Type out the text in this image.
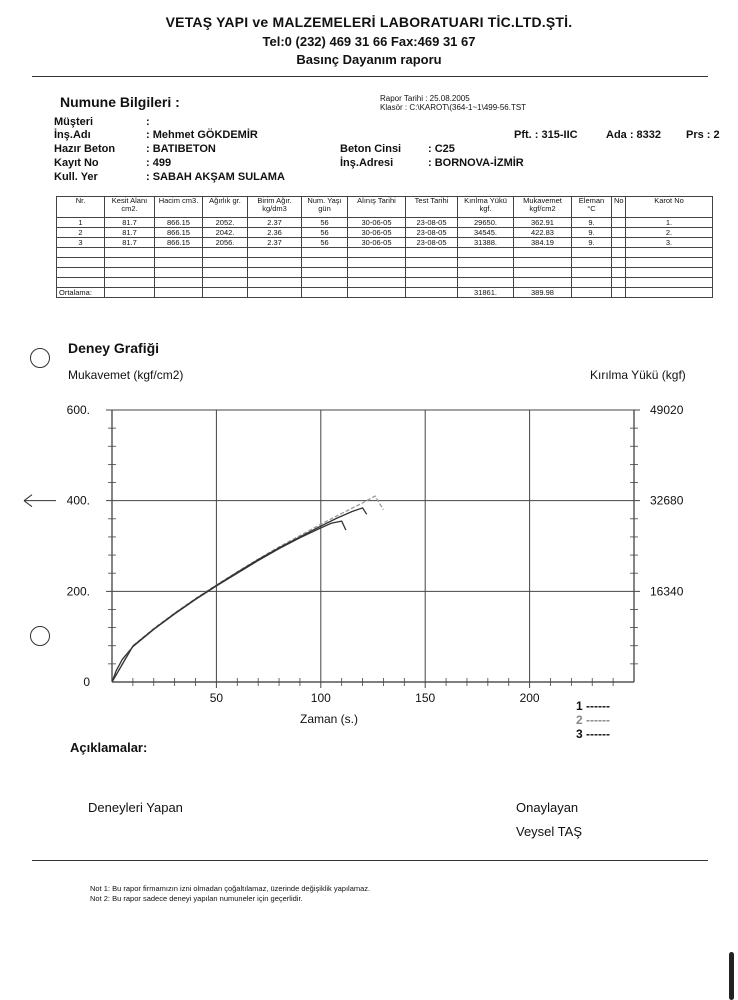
VETAŞ YAPI ve MALZEMELERİ LABORATUARI TİC.LTD.ŞTİ.
Tel:0 (232) 469 31 66 Fax:469 31 67
Basınç Dayanım raporu
Numune Bilgileri :	Rapor Tarihi : 25.08.2005
Klasör : C:\KAROT\(364-1~1\499-56.TST
Müşteri	:
İnş.Adı	: Mehmet GÖKDEMİR
Hazır Beton	: BATIBETON
Kayıt No	: 499
Kull. Yer	: SABAH AKŞAM SULAMA
Beton Cinsi : C25
İnş.Adresi	: BORNOVA-İZMİR
Pft. : 315-IIC	Ada : 8332 Prs : 2
Nr.	Kesit Alanı cm2.	Hacim cm3.	Ağırlık gr.	Birim Ağır. kg/dm3	Num. Yaşı gün	Alınış Tarihi	Test Tarihi	Kırılma Yükü kgf.	Mukavemet kgf/cm2	Eleman °C	No	Karot No
1	81.7	866.15	2052.	2.37	56	30-06-05	23-08-05	29650.	362.91	9.		1.
2	81.7	866.15	2042.	2.36	56	30-06-05	23-08-05	34545.	422.83	9.		2.
3	81.7	866.15	2056.	2.37	56	30-06-05	23-08-05	31388.	384.19	9.		3.

Ortalama:								31861.	389.98			
Deney Grafiği
Mukavemet (kgf/cm2)	Kırılma Yükü (kgf)
0
200.
400.
600.
16340
32680
49020
50	100	150	200
1 ------
2 ------
3 ------
Zaman (s.)
Açıklamalar:
Deneyleri Yapan	Onaylayan
Veysel TAŞ
Not 1: Bu rapor firmamızın izni olmadan çoğaltılamaz, üzerinde değişiklik yapılamaz.
Not 2: Bu rapor sadece deneyi yapılan numuneler için geçerlidir.
